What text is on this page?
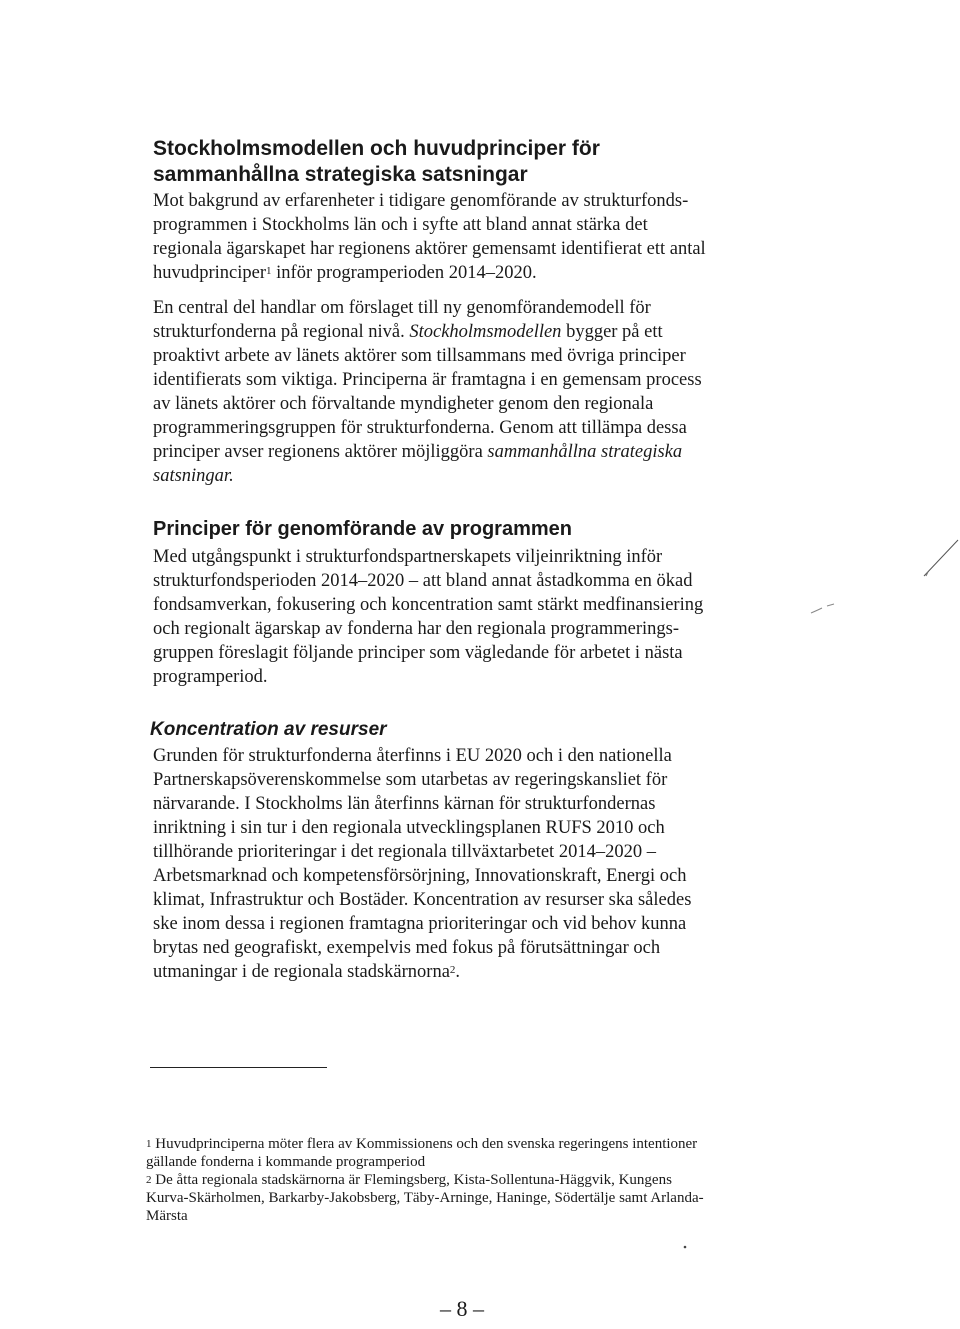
Stockholmsmodellen och huvudprinciper för
sammanhållna strategiska satsningar
Mot bakgrund av erfarenheter i tidigare genomförande av strukturfonds-
programmen i Stockholms län och i syfte att bland annat stärka det
regionala ägarskapet har regionens aktörer gemensamt identifierat ett antal
huvudprinciper$^1$ inför programperioden 2014–2020.
En central del handlar om förslaget till ny genomförandemodell för
strukturfonderna på regional nivå. Stockholmsmodellen bygger på ett
proaktivt arbete av länets aktörer som tillsammans med övriga principer
identifierats som viktiga. Principerna är framtagna i en gemensam process
av länets aktörer och förvaltande myndigheter genom den regionala
programmeringsgruppen för strukturfonderna. Genom att tillämpa dessa
principer avser regionens aktörer möjliggöra sammanhållna strategiska
satsningar.
Principer för genomförande av programmen
Med utgångspunkt i strukturfondspartnerskapets viljeinriktning inför
strukturfondsperioden 2014–2020 – att bland annat åstadkomma en ökad
fondsamverkan, fokusering och koncentration samt stärkt medfinansiering
och regionalt ägarskap av fonderna har den regionala programmerings-
gruppen föreslagit följande principer som vägledande för arbetet i nästa
programperiod.
Koncentration av resurser
Grunden för strukturfonderna återfinns i EU 2020 och i den nationella
Partnerskapsöverenskommelse som utarbetas av regeringskansliet för
närvarande. I Stockholms län återfinns kärnan för strukturfondernas
inriktning i sin tur i den regionala utvecklingsplanen RUFS 2010 och
tillhörande prioriteringar i det regionala tillväxtarbetet 2014–2020 –
Arbetsmarknad och kompetensförsörjning, Innovationskraft, Energi och
klimat, Infrastruktur och Bostäder. Koncentration av resurser ska således
ske inom dessa i regionen framtagna prioriteringar och vid behov kunna
brytas ned geografiskt, exempelvis med fokus på förutsättningar och
utmaningar i de regionala stadskärnorna$^2$.
$^1$ Huvudprinciperna möter flera av Kommissionens och den svenska regeringens intentioner
gällande fonderna i kommande programperiod
$^2$ De åtta regionala stadskärnorna är Flemingsberg, Kista-Sollentuna-Häggvik, Kungens
Kurva-Skärholmen, Barkarby-Jakobsberg, Täby-Arninge, Haninge, Södertälje samt Arlanda-
Märsta
– 8 –
